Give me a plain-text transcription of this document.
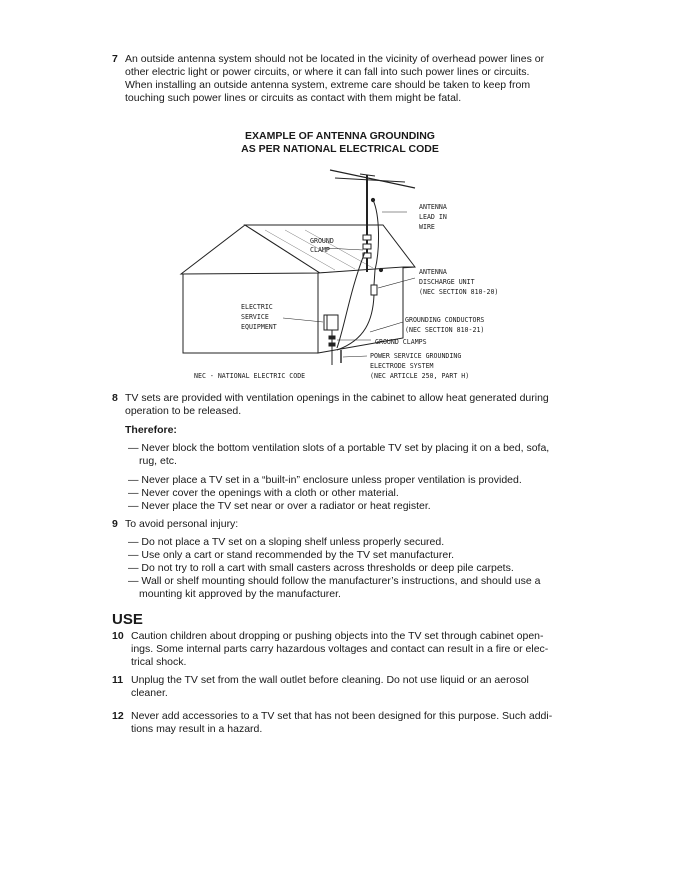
7 An outside antenna system should not be located in the vicinity of overhead power lines or
other electric light or power circuits, or where it can fall into such power lines or circuits.
When installing an outside antenna system, extreme care should be taken to keep from
touching such power lines or circuits as contact with them might be fatal.
EXAMPLE OF ANTENNA GROUNDING
AS PER NATIONAL ELECTRICAL CODE
ANTENNA
LEAD IN
WIRE
GROUND
CLAMP
ANTENNA
DISCHARGE UNIT
(NEC SECTION 810-20)
ELECTRIC
SERVICE
EQUIPMENT
GROUNDING CONDUCTORS
(NEC SECTION 810-21)
GROUND CLAMPS
POWER SERVICE GROUNDING
ELECTRODE SYSTEM
(NEC ARTICLE 250, PART H)
NEC - NATIONAL ELECTRIC CODE
8 TV sets are provided with ventilation openings in the cabinet to allow heat generated during
operation to be released.
Therefore:
— Never block the bottom ventilation slots of a portable TV set by placing it on a bed, sofa,
rug, etc.
— Never place a TV set in a “built-in” enclosure unless proper ventilation is provided.
— Never cover the openings with a cloth or other material.
— Never place the TV set near or over a radiator or heat register.
9 To avoid personal injury:
— Do not place a TV set on a sloping shelf unless properly secured.
— Use only a cart or stand recommended by the TV set manufacturer.
— Do not try to roll a cart with small casters across thresholds or deep pile carpets.
— Wall or shelf mounting should follow the manufacturer’s instructions, and should use a
mounting kit approved by the manufacturer.
USE
10 Caution children about dropping or pushing objects into the TV set through cabinet open-
ings. Some internal parts carry hazardous voltages and contact can result in a fire or elec-
trical shock.
11 Unplug the TV set from the wall outlet before cleaning. Do not use liquid or an aerosol
cleaner.
12 Never add accessories to a TV set that has not been designed for this purpose. Such addi-
tions may result in a hazard.
